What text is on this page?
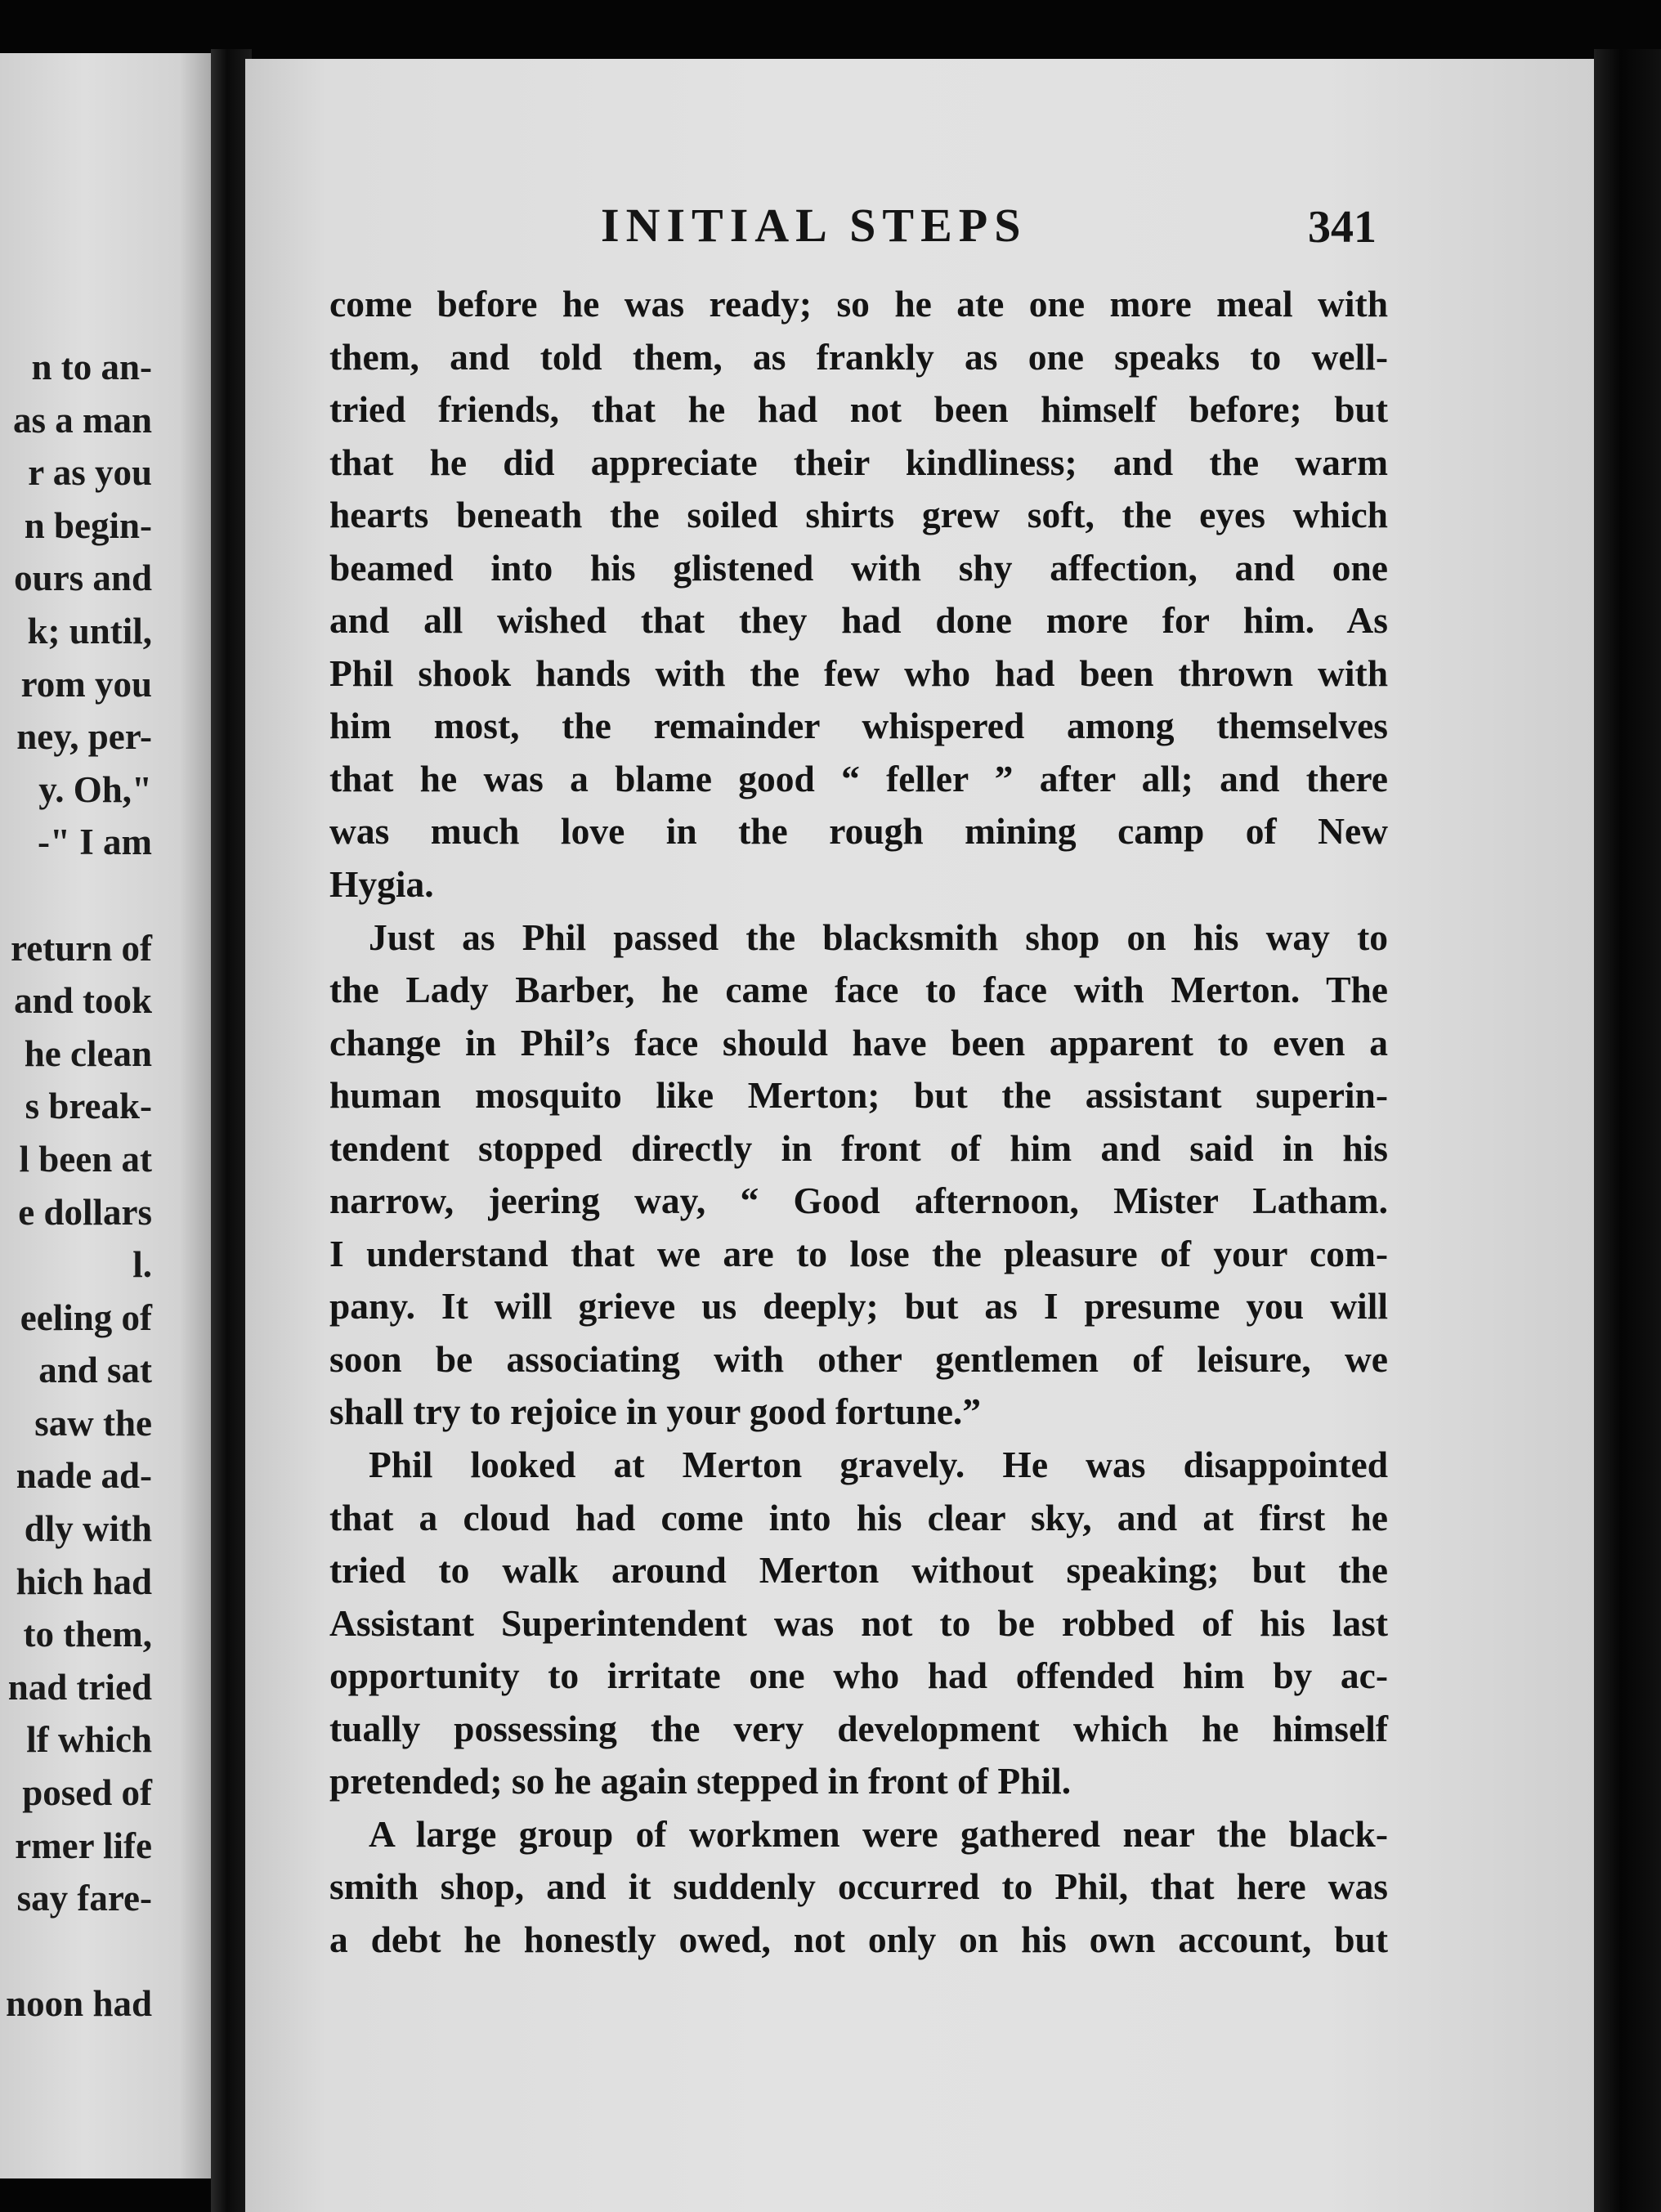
n to an-
as a man
r as you
n begin-
ours and
k; until,
rom you
ney, per-
y. Oh,"
-" I am

return of
and took
he clean
s break-
l been at
e dollars
l.
eeling of
and sat
saw the
nade ad-
dly with
hich had
to them,
nad tried
lf which
posed of
rmer life
say fare-

noon had
INITIAL STEPS	341
come before he was ready; so he ate one more meal with
them, and told them, as frankly as one speaks to well-
tried friends, that he had not been himself before; but
that he did appreciate their kindliness; and the warm
hearts beneath the soiled shirts grew soft, the eyes which
beamed into his glistened with shy affection, and one
and all wished that they had done more for him. As
Phil shook hands with the few who had been thrown with
him most, the remainder whispered among themselves
that he was a blame good “ feller ” after all; and there
was much love in the rough mining camp of New
Hygia.
Just as Phil passed the blacksmith shop on his way to
the Lady Barber, he came face to face with Merton. The
change in Phil’s face should have been apparent to even a
human mosquito like Merton; but the assistant superin-
tendent stopped directly in front of him and said in his
narrow, jeering way, “ Good afternoon, Mister Latham.
I understand that we are to lose the pleasure of your com-
pany. It will grieve us deeply; but as I presume you will
soon be associating with other gentlemen of leisure, we
shall try to rejoice in your good fortune.”
Phil looked at Merton gravely. He was disappointed
that a cloud had come into his clear sky, and at first he
tried to walk around Merton without speaking; but the
Assistant Superintendent was not to be robbed of his last
opportunity to irritate one who had offended him by ac-
tually possessing the very development which he himself
pretended; so he again stepped in front of Phil.
A large group of workmen were gathered near the black-
smith shop, and it suddenly occurred to Phil, that here was
a debt he honestly owed, not only on his own account, but
